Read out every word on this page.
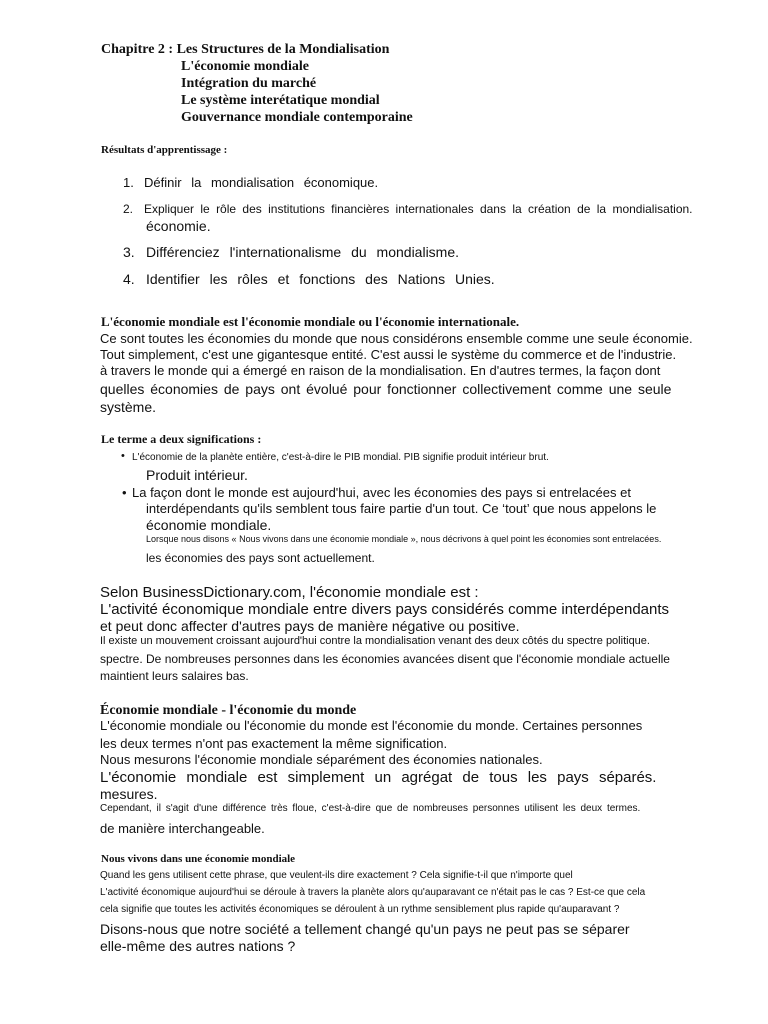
Chapitre 2 : Les Structures de la Mondialisation
L'économie mondiale
Intégration du marché
Le système interétatique mondial
Gouvernance mondiale contemporaine
Résultats d'apprentissage :
1. Définir la mondialisation économique.
2. Expliquer le rôle des institutions financières internationales dans la création de la mondialisation.
économie.
3. Différenciez l'internationalisme du mondialisme.
4. Identifier les rôles et fonctions des Nations Unies.
L'économie mondiale est l'économie mondiale ou l'économie internationale.
Ce sont toutes les économies du monde que nous considérons ensemble comme une seule économie.
Tout simplement, c'est une gigantesque entité. C'est aussi le système du commerce et de l'industrie.
à travers le monde qui a émergé en raison de la mondialisation. En d'autres termes, la façon dont
quelles économies de pays ont évolué pour fonctionner collectivement comme une seule
système.
Le terme a deux significations :
• L'économie de la planète entière, c'est-à-dire le PIB mondial. PIB signifie produit intérieur brut.
Produit intérieur.
• La façon dont le monde est aujourd'hui, avec les économies des pays si entrelacées et
interdépendants qu'ils semblent tous faire partie d'un tout. Ce ‘tout’ que nous appelons le
économie mondiale.
Lorsque nous disons « Nous vivons dans une économie mondiale », nous décrivons à quel point les économies sont entrelacées.
les économies des pays sont actuellement.
Selon BusinessDictionary.com, l'économie mondiale est :
L'activité économique mondiale entre divers pays considérés comme interdépendants
et peut donc affecter d'autres pays de manière négative ou positive.
Il existe un mouvement croissant aujourd'hui contre la mondialisation venant des deux côtés du spectre politique.
spectre. De nombreuses personnes dans les économies avancées disent que l'économie mondiale actuelle
maintient leurs salaires bas.
Économie mondiale - l'économie du monde
L'économie mondiale ou l'économie du monde est l'économie du monde. Certaines personnes
les deux termes n'ont pas exactement la même signification.
Nous mesurons l'économie mondiale séparément des économies nationales.
L'économie mondiale est simplement un agrégat de tous les pays séparés.
mesures.
Cependant, il s'agit d'une différence très floue, c'est-à-dire que de nombreuses personnes utilisent les deux termes.
de manière interchangeable.
Nous vivons dans une économie mondiale
Quand les gens utilisent cette phrase, que veulent-ils dire exactement ? Cela signifie-t-il que n'importe quel
L'activité économique aujourd'hui se déroule à travers la planète alors qu'auparavant ce n'était pas le cas ? Est-ce que cela
cela signifie que toutes les activités économiques se déroulent à un rythme sensiblement plus rapide qu'auparavant ?
Disons-nous que notre société a tellement changé qu'un pays ne peut pas se séparer
elle-même des autres nations ?
